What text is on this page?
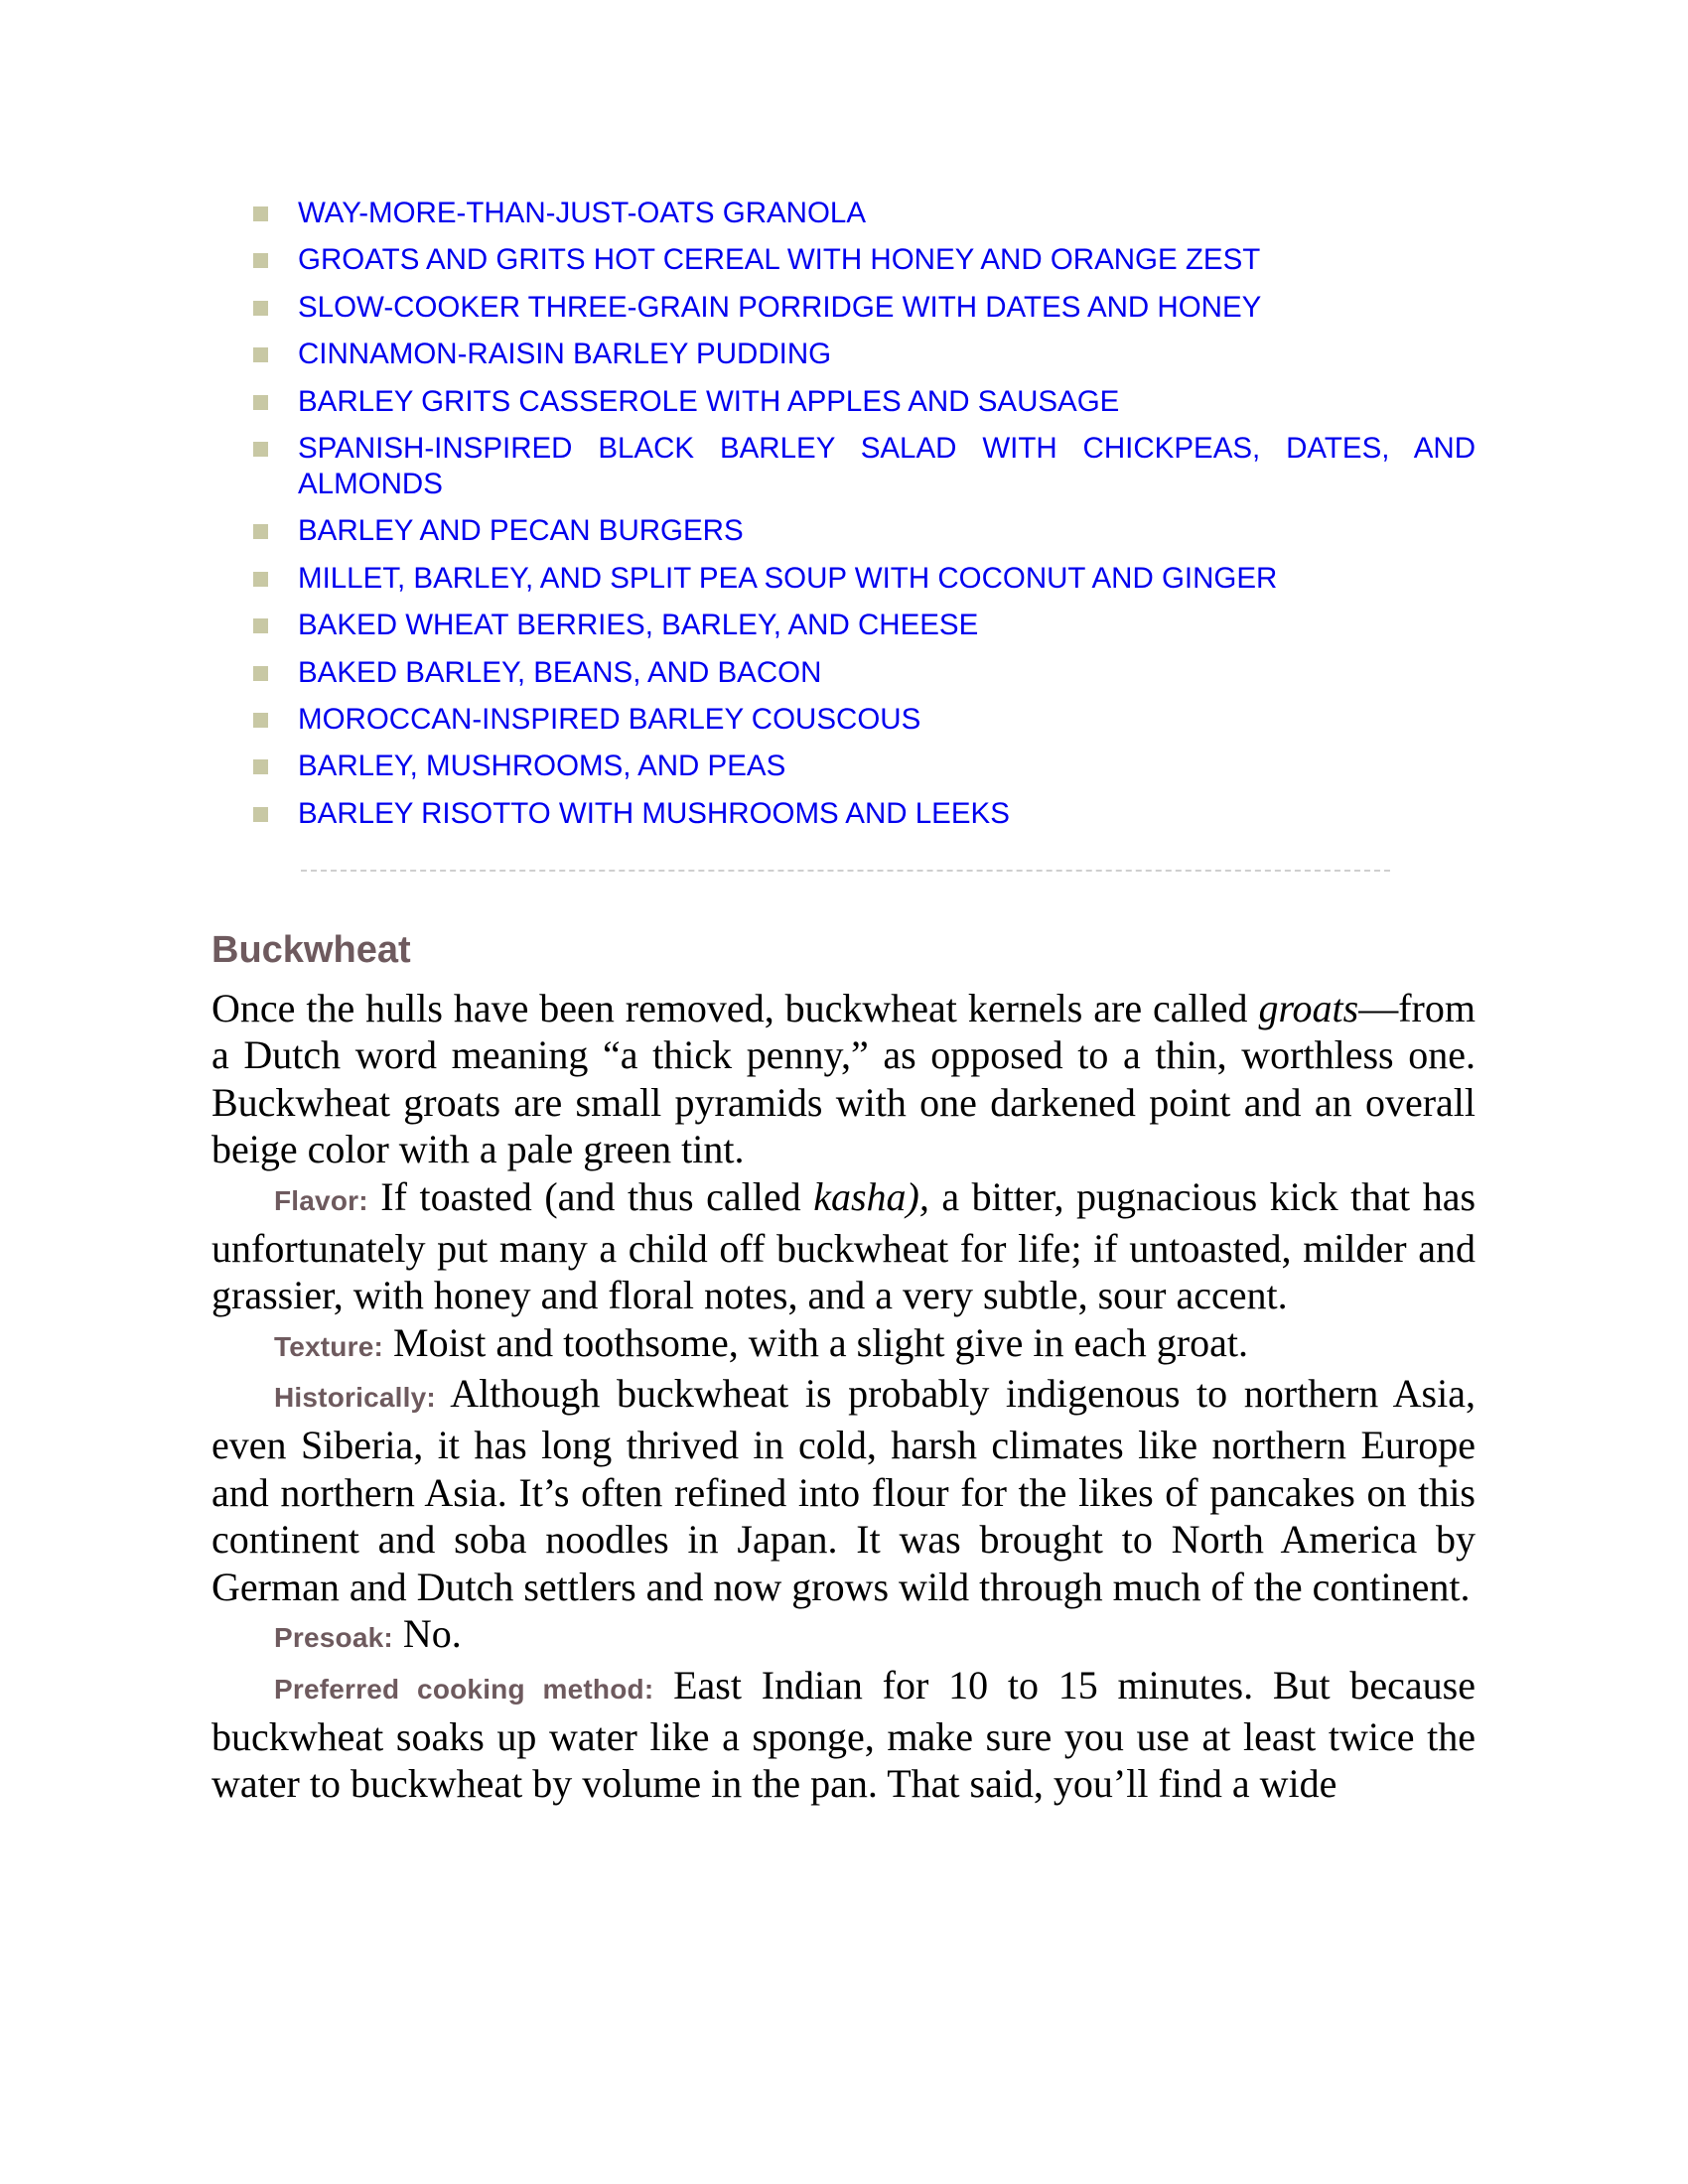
WAY-MORE-THAN-JUST-OATS GRANOLA
GROATS AND GRITS HOT CEREAL WITH HONEY AND ORANGE ZEST
SLOW-COOKER THREE-GRAIN PORRIDGE WITH DATES AND HONEY
CINNAMON-RAISIN BARLEY PUDDING
BARLEY GRITS CASSEROLE WITH APPLES AND SAUSAGE
SPANISH-INSPIRED BLACK BARLEY SALAD WITH CHICKPEAS, DATES, AND ALMONDS
BARLEY AND PECAN BURGERS
MILLET, BARLEY, AND SPLIT PEA SOUP WITH COCONUT AND GINGER
BAKED WHEAT BERRIES, BARLEY, AND CHEESE
BAKED BARLEY, BEANS, AND BACON
MOROCCAN-INSPIRED BARLEY COUSCOUS
BARLEY, MUSHROOMS, AND PEAS
BARLEY RISOTTO WITH MUSHROOMS AND LEEKS
Buckwheat

Once the hulls have been removed, buckwheat kernels are called groats—from a Dutch word meaning “a thick penny,” as opposed to a thin, worthless one. Buckwheat groats are small pyramids with one darkened point and an overall beige color with a pale green tint.

Flavor: If toasted (and thus called kasha), a bitter, pugnacious kick that has unfortunately put many a child off buckwheat for life; if untoasted, milder and grassier, with honey and floral notes, and a very subtle, sour accent.

Texture: Moist and toothsome, with a slight give in each groat.

Historically: Although buckwheat is probably indigenous to northern Asia, even Siberia, it has long thrived in cold, harsh climates like northern Europe and northern Asia. It’s often refined into flour for the likes of pancakes on this continent and soba noodles in Japan. It was brought to North America by German and Dutch settlers and now grows wild through much of the continent.

Presoak: No.

Preferred cooking method: East Indian for 10 to 15 minutes. But because buckwheat soaks up water like a sponge, make sure you use at least twice the water to buckwheat by volume in the pan. That said, you’ll find a wide
